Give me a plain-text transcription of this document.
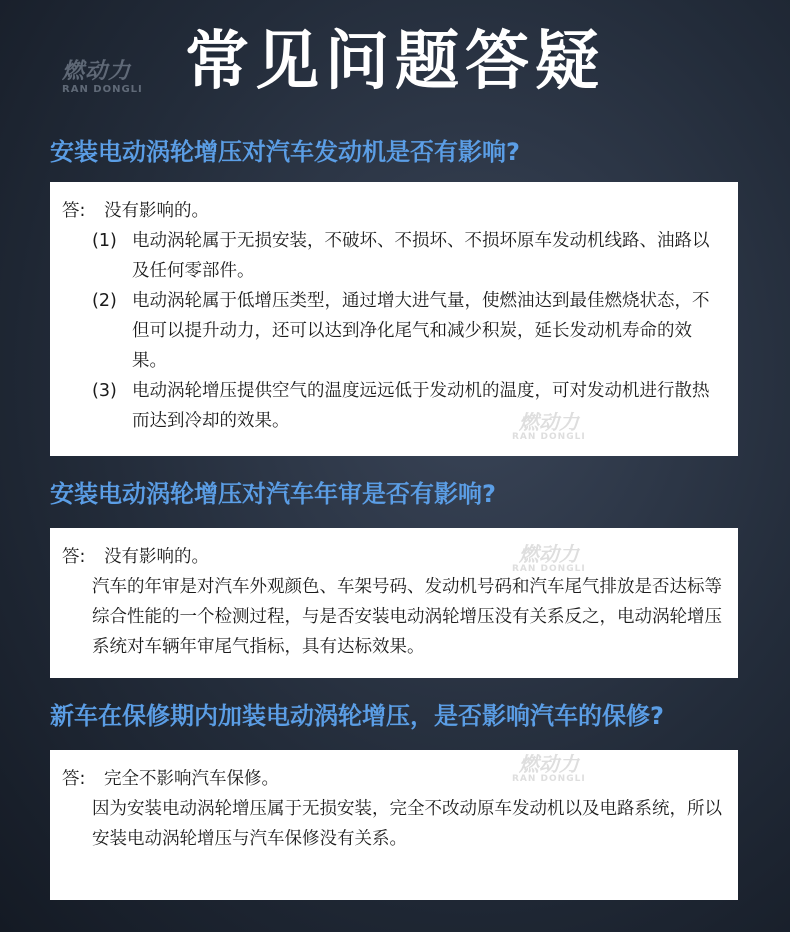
常见问题答疑
燃动力
RAN DONGLI
安装电动涡轮增压对汽车发动机是否有影响?
答:	没有影响的。
(1) 电动涡轮属于无损安装，不破坏、不损坏、不损坏原车发动机线路、油路以及任何零部件。
(2) 电动涡轮属于低增压类型，通过增大进气量，使燃油达到最佳燃烧状态，不但可以提升动力，还可以达到净化尾气和减少积炭，延长发动机寿命的效果。
(3) 电动涡轮增压提供空气的温度远远低于发动机的温度，可对发动机进行散热而达到冷却的效果。	燃动力
RAN DONGLI
安装电动涡轮增压对汽车年审是否有影响?
答:	没有影响的。
汽车的年审是对汽车外观颜色、车架号码、发动机号码和汽车尾气排放是否达标等综合性能的一个检测过程，与是否安装电动涡轮增压没有关系反之，电动涡轮增压系统对车辆年审尾气指标，具有达标效果。
燃动力
RAN DONGLI
新车在保修期内加装电动涡轮增压，是否影响汽车的保修?
答:	完全不影响汽车保修。
因为安装电动涡轮增压属于无损安装，完全不改动原车发动机以及电路系统，所以安装电动涡轮增压与汽车保修没有关系。
燃动力
RAN DONGLI
